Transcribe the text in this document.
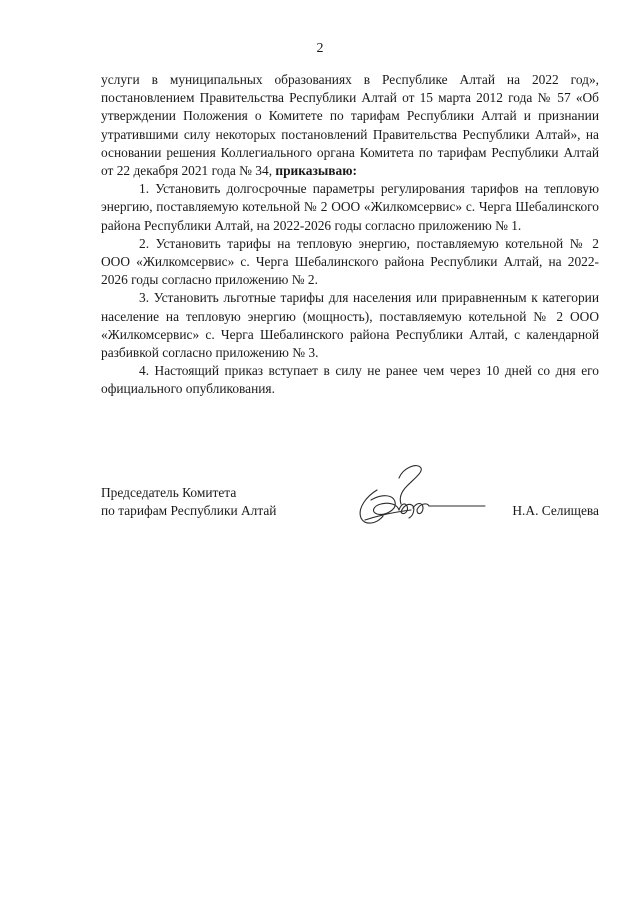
2

услуги в муниципальных образованиях в Республике Алтай на 2022 год», постановлением Правительства Республики Алтай от 15 марта 2012 года № 57 «Об утверждении Положения о Комитете по тарифам Республики Алтай и признании утратившими силу некоторых постановлений Правительства Республики Алтай», на основании решения Коллегиального органа Комитета по тарифам Республики Алтай от 22 декабря 2021 года № 34, приказываю:

1. Установить долгосрочные параметры регулирования тарифов на тепловую энергию, поставляемую котельной № 2 ООО «Жилкомсервис» с. Черга Шебалинского района Республики Алтай, на 2022-2026 годы согласно приложению № 1.

2. Установить тарифы на тепловую энергию, поставляемую котельной № 2 ООО «Жилкомсервис» с. Черга Шебалинского района Республики Алтай, на 2022-2026 годы согласно приложению № 2.

3. Установить льготные тарифы для населения или приравненным к категории население на тепловую энергию (мощность), поставляемую котельной № 2 ООО «Жилкомсервис» с. Черга Шебалинского района Республики Алтай, с календарной разбивкой согласно приложению № 3.

4. Настоящий приказ вступает в силу не ранее чем через 10 дней со дня его официального опубликования.

Председатель Комитета
по тарифам Республики Алтай	Н.А. Селищева
